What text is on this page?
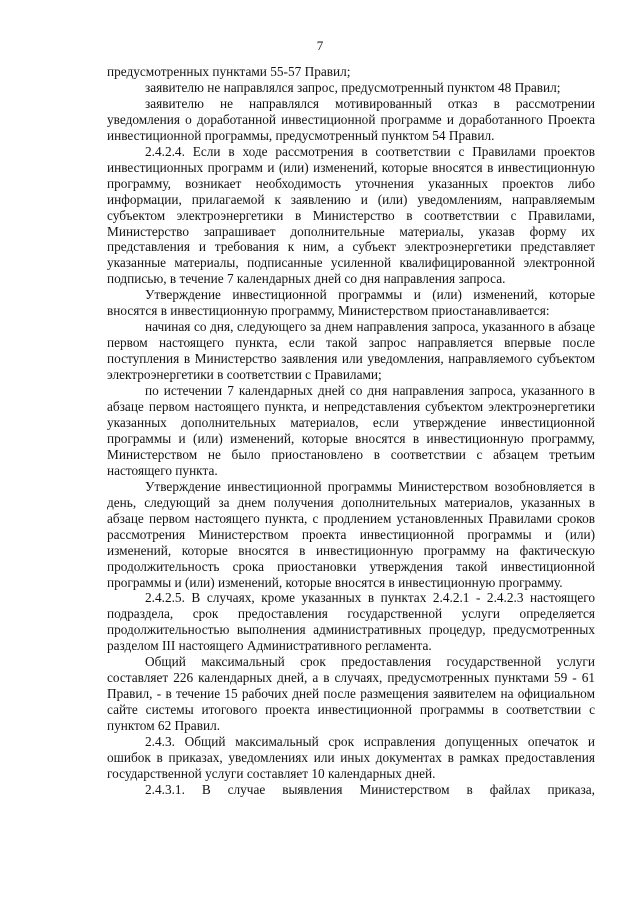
7

предусмотренных пунктами 55-57 Правил;

заявителю не направлялся запрос, предусмотренный пунктом 48 Правил;

заявителю не направлялся мотивированный отказ в рассмотрении уведомления о доработанной инвестиционной программе и доработанного Проекта инвестиционной программы, предусмотренный пунктом 54 Правил.

2.4.2.4. Если в ходе рассмотрения в соответствии с Правилами проектов инвестиционных программ и (или) изменений, которые вносятся в инвестиционную программу, возникает необходимость уточнения указанных проектов либо информации, прилагаемой к заявлению и (или) уведомлениям, направляемым субъектом электроэнергетики в Министерство в соответствии с Правилами, Министерство запрашивает дополнительные материалы, указав форму их представления и требования к ним, а субъект электроэнергетики представляет указанные материалы, подписанные усиленной квалифицированной электронной подписью, в течение 7 календарных дней со дня направления запроса.

Утверждение инвестиционной программы и (или) изменений, которые вносятся в инвестиционную программу, Министерством приостанавливается:

начиная со дня, следующего за днем направления запроса, указанного в абзаце первом настоящего пункта, если такой запрос направляется впервые после поступления в Министерство заявления или уведомления, направляемого субъектом электроэнергетики в соответствии с Правилами;

по истечении 7 календарных дней со дня направления запроса, указанного в абзаце первом настоящего пункта, и непредставления субъектом электроэнергетики указанных дополнительных материалов, если утверждение инвестиционной программы и (или) изменений, которые вносятся в инвестиционную программу, Министерством не было приостановлено в соответствии с абзацем третьим настоящего пункта.

Утверждение инвестиционной программы Министерством возобновляется в день, следующий за днем получения дополнительных материалов, указанных в абзаце первом настоящего пункта, с продлением установленных Правилами сроков рассмотрения Министерством проекта инвестиционной программы и (или) изменений, которые вносятся в инвестиционную программу на фактическую продолжительность срока приостановки утверждения такой инвестиционной программы и (или) изменений, которые вносятся в инвестиционную программу.

2.4.2.5. В случаях, кроме указанных в пунктах 2.4.2.1 - 2.4.2.3 настоящего подраздела, срок предоставления государственной услуги определяется продолжительностью выполнения административных процедур, предусмотренных разделом III настоящего Административного регламента.

Общий максимальный срок предоставления государственной услуги составляет 226 календарных дней, а в случаях, предусмотренных пунктами 59 - 61 Правил, - в течение 15 рабочих дней после размещения заявителем на официальном сайте системы итогового проекта инвестиционной программы в соответствии с пунктом 62 Правил.

2.4.3. Общий максимальный срок исправления допущенных опечаток и ошибок в приказах, уведомлениях или иных документах в рамках предоставления государственной услуги составляет 10 календарных дней.

2.4.3.1. В случае выявления Министерством в файлах приказа,
